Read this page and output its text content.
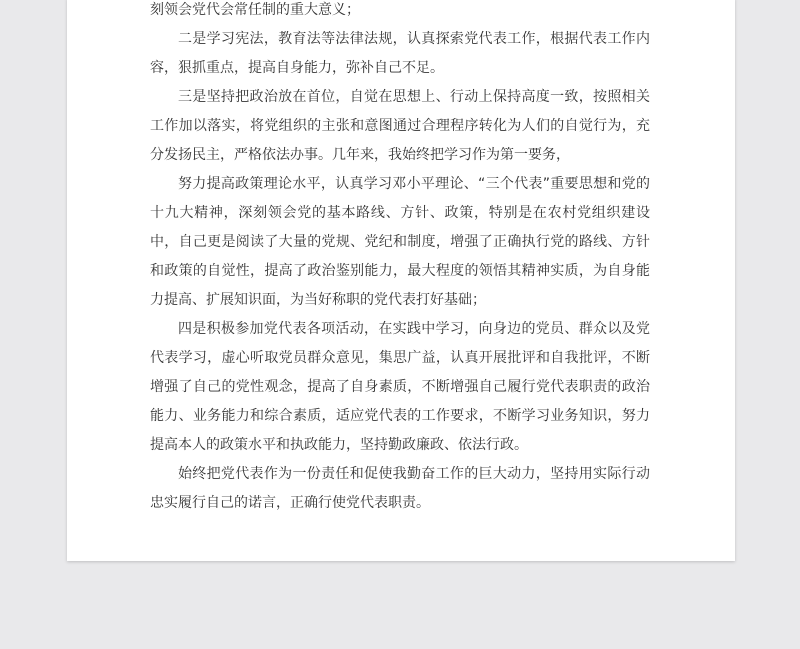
刻领会党代会常任制的重大意义；

二是学习宪法，教育法等法律法规，认真探索党代表工作，根据代表工作内容，狠抓重点，提高自身能力，弥补自己不足。

三是坚持把政治放在首位，自觉在思想上、行动上保持高度一致，按照相关工作加以落实，将党组织的主张和意图通过合理程序转化为人们的自觉行为，充分发扬民主，严格依法办事。几年来，我始终把学习作为第一要务，

努力提高政策理论水平，认真学习邓小平理论、“三个代表”重要思想和党的十九大精神，深刻领会党的基本路线、方针、政策，特别是在农村党组织建设中，自己更是阅读了大量的党规、党纪和制度，增强了正确执行党的路线、方针和政策的自觉性，提高了政治鉴别能力，最大程度的领悟其精神实质，为自身能力提高、扩展知识面，为当好称职的党代表打好基础；

四是积极参加党代表各项活动，在实践中学习，向身边的党员、群众以及党代表学习，虚心听取党员群众意见，集思广益，认真开展批评和自我批评，不断增强了自己的党性观念，提高了自身素质，不断增强自己履行党代表职责的政治能力、业务能力和综合素质，适应党代表的工作要求，不断学习业务知识，努力提高本人的政策水平和执政能力，坚持勤政廉政、依法行政。

始终把党代表作为一份责任和促使我勤奋工作的巨大动力，坚持用实际行动忠实履行自己的诺言，正确行使党代表职责。
